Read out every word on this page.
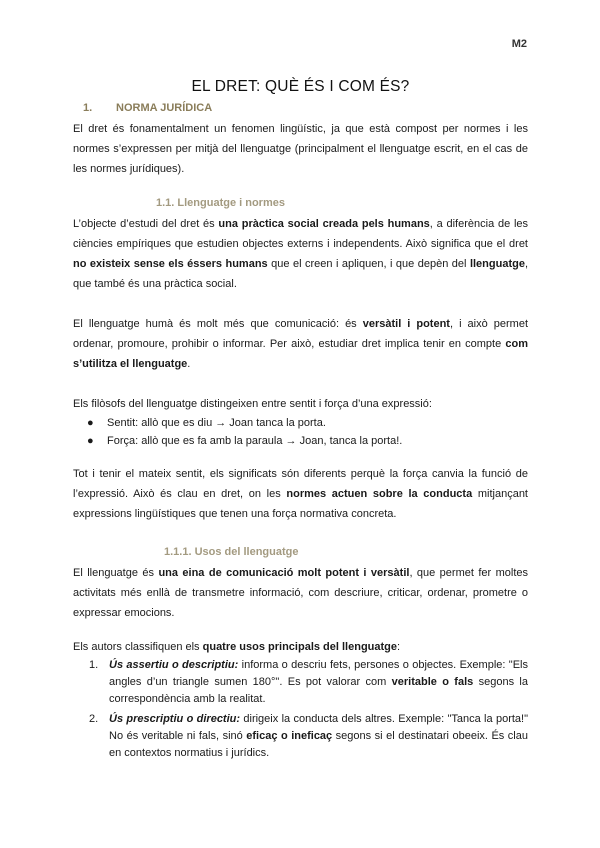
M2
EL DRET: QUÈ ÉS I COM ÉS?
1.	NORMA JURÍDICA

El dret és fonamentalment un fenomen lingüístic, ja que està compost per normes i les normes s’expressen per mitjà del llenguatge (principalment el llenguatge escrit, en el cas de les normes jurídiques).

1.1. Llenguatge i normes

L’objecte d’estudi del dret és una pràctica social creada pels humans, a diferència de les ciències empíriques que estudien objectes externs i independents. Això significa que el dret no existeix sense els éssers humans que el creen i apliquen, i que depèn del llenguatge, que també és una pràctica social.

El llenguatge humà és molt més que comunicació: és versàtil i potent, i això permet ordenar, promoure, prohibir o informar. Per això, estudiar dret implica tenir en compte com s’utilitza el llenguatge.

Els filòsofs del llenguatge distingeixen entre sentit i força d’una expressió:

● Sentit: allò que es diu → Joan tanca la porta.
● Força: allò que es fa amb la paraula → Joan, tanca la porta!.

Tot i tenir el mateix sentit, els significats són diferents perquè la força canvia la funció de l’expressió. Això és clau en dret, on les normes actuen sobre la conducta mitjançant expressions lingüístiques que tenen una força normativa concreta.

1.1.1. Usos del llenguatge

El llenguatge és una eina de comunicació molt potent i versàtil, que permet fer moltes activitats més enllà de transmetre informació, com descriure, criticar, ordenar, prometre o expressar emocions.

Els autors classifiquen els quatre usos principals del llenguatge:

1. Ús assertiu o descriptiu: informa o descriu fets, persones o objectes. Exemple: "Els angles d’un triangle sumen 180°". Es pot valorar com veritable o fals segons la correspondència amb la realitat.
2. Ús prescriptiu o directiu: dirigeix la conducta dels altres. Exemple: "Tanca la porta!" No és veritable ni fals, sinó eficaç o ineficaç segons si el destinatari obeeix. És clau en contextos normatius i jurídics.
